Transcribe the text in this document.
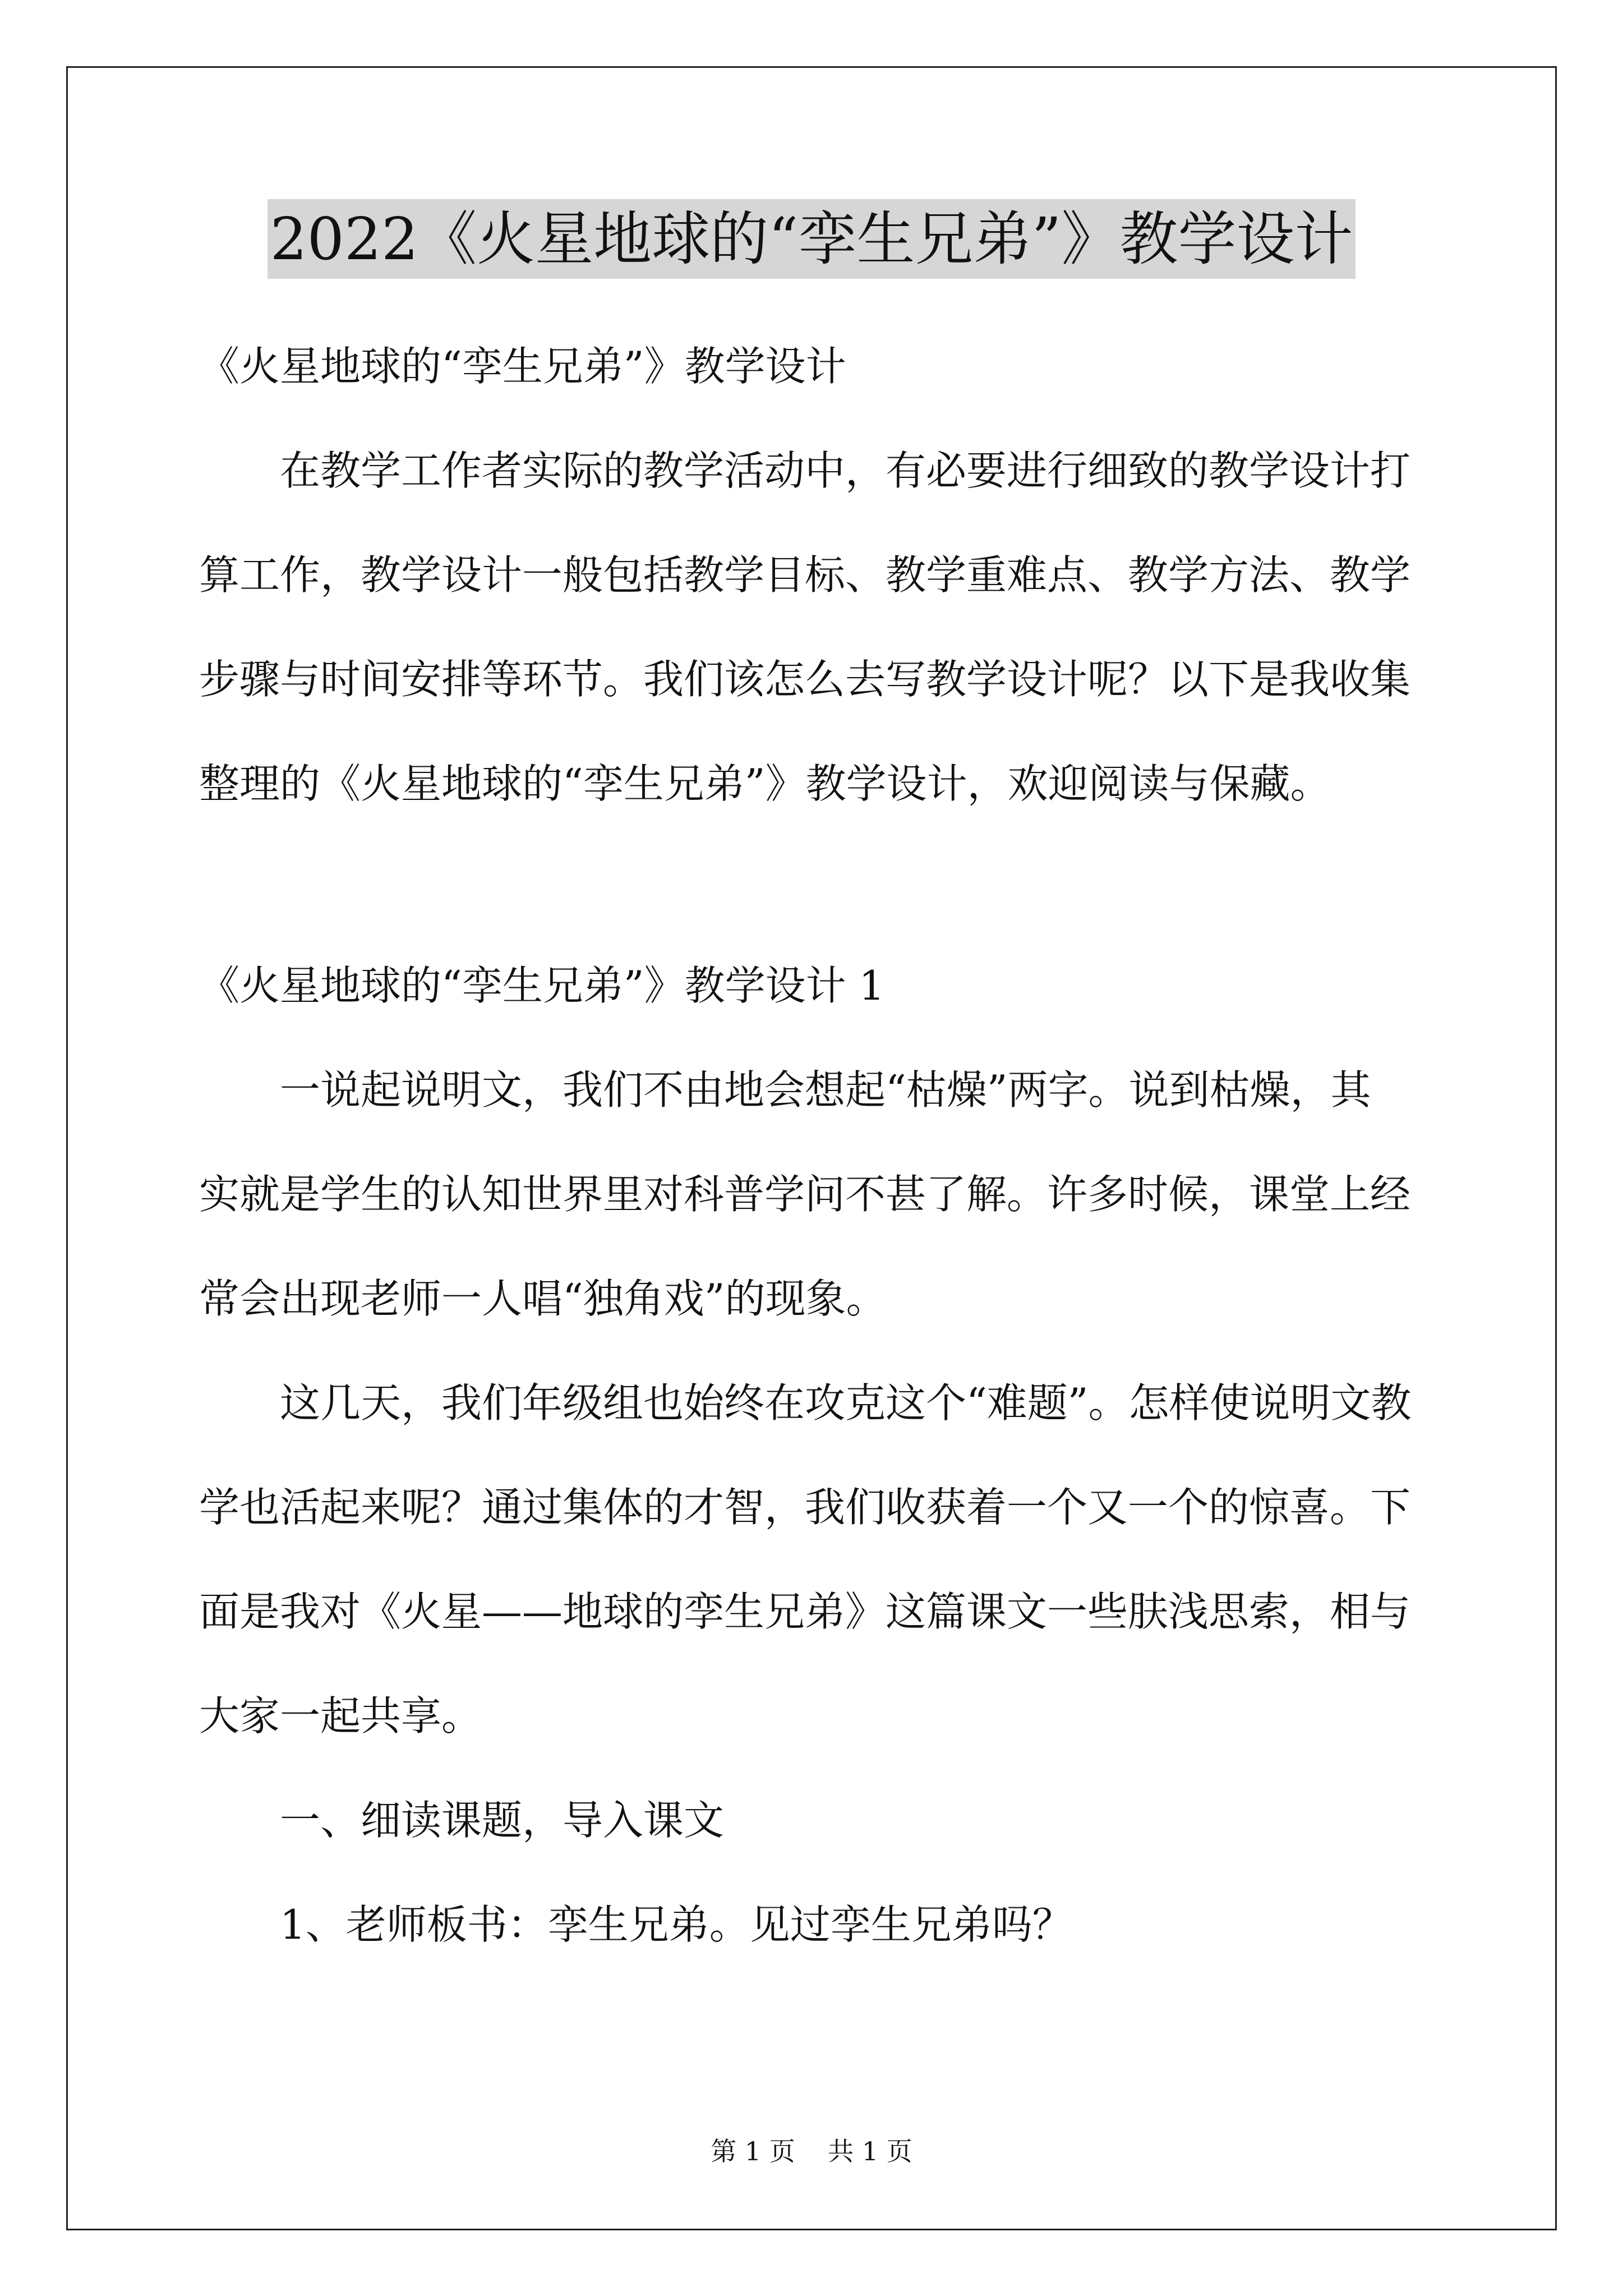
2022《火星地球的“孪生兄弟”》教学设计

《火星地球的“孪生兄弟”》教学设计

在教学工作者实际的教学活动中，有必要进行细致的教学设计打

算工作，教学设计一般包括教学目标、教学重难点、教学方法、教学

步骤与时间安排等环节。我们该怎么去写教学设计呢？以下是我收集

整理的《火星地球的“孪生兄弟”》教学设计，欢迎阅读与保藏。

《火星地球的“孪生兄弟”》教学设计 1

一说起说明文，我们不由地会想起“枯燥”两字。说到枯燥，其

实就是学生的认知世界里对科普学问不甚了解。许多时候，课堂上经

常会出现老师一人唱“独角戏”的现象。

这几天，我们年级组也始终在攻克这个“难题”。怎样使说明文教

学也活起来呢？通过集体的才智，我们收获着一个又一个的惊喜。下

面是我对《火星——地球的孪生兄弟》这篇课文一些肤浅思索，相与

大家一起共享。

一、细读课题，导入课文

1、老师板书：孪生兄弟。见过孪生兄弟吗？

第 1 页    共 1 页
